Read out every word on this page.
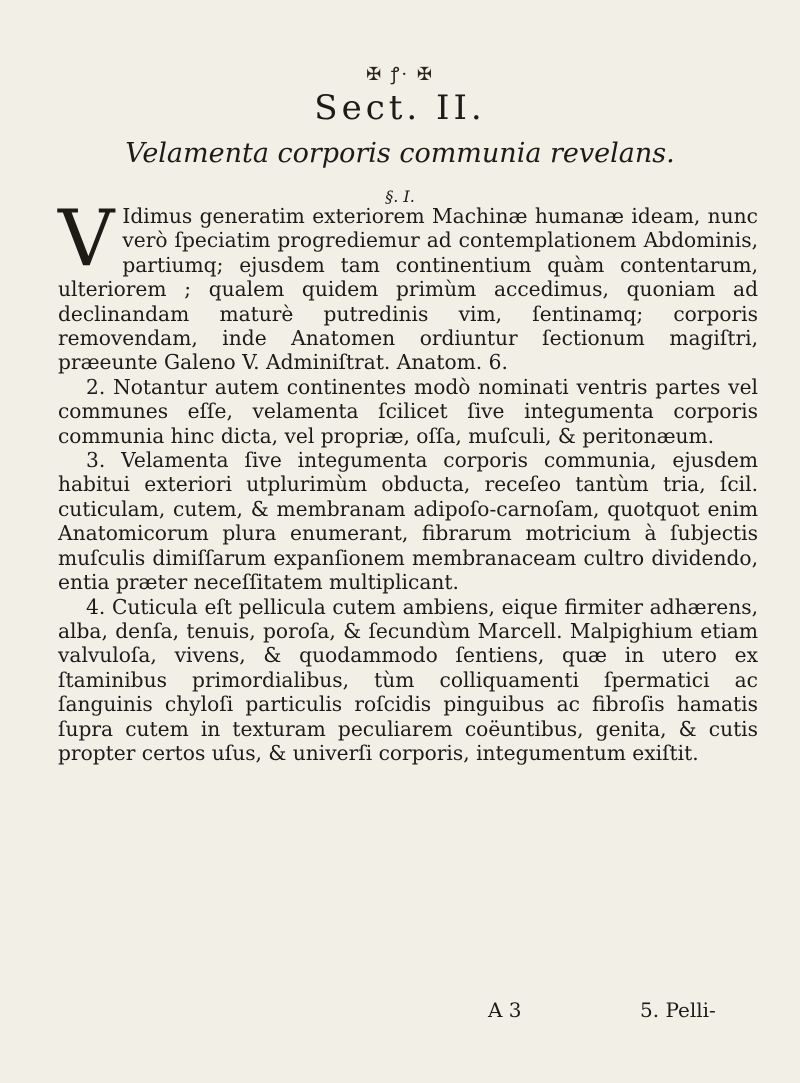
✠ ꝭ· ✠
Sect. II.
Velamenta corporis communia revelans.
§. I.

V Idimus generatim exteriorem Machinæ humanæ ideam, nunc verò ſpeciatim progrediemur ad contemplationem Abdominis, partiumq; ejusdem tam continentium quàm contentarum, ulteriorem ; qualem quidem primùm accedimus, quoniam ad declinandam maturè putredinis vim, ſentinamq; corporis removendam, inde Anatomen ordiuntur ſectionum magiſtri, præeunte Galeno V. Adminiſtrat. Anatom. 6.

2. Notantur autem continentes modò nominati ventris partes vel communes eſſe, velamenta ſcilicet ſive integumenta corporis communia hinc dicta, vel propriæ, oſſa, muſculi, & peritonæum.

3. Velamenta ſive integumenta corporis communia, ejusdem habitui exteriori utplurimùm obducta, receſeo tantùm tria, ſcil. cuticulam, cutem, & membranam adipoſo-carnoſam, quotquot enim Anatomicorum plura enumerant, fibrarum motricium à ſubjectis muſculis dimiſſarum expanſionem membranaceam cultro dividendo, entia præter neceſſitatem multiplicant.

4. Cuticula eſt pellicula cutem ambiens, eique firmiter adhærens, alba, denſa, tenuis, poroſa, & ſecundùm Marcell. Malpighium etiam valvuloſa, vivens, & quodammodo ſentiens, quæ in utero ex ſtaminibus primordialibus, tùm colliquamenti ſpermatici ac ſanguinis chyloſi particulis roſcidis pinguibus ac fibroſis hamatis ſupra cutem in texturam peculiarem coëuntibus, genita, & cutis propter certos uſus, & univerſi corporis, integumentum exiſtit.

A 3	5. Pelli-
